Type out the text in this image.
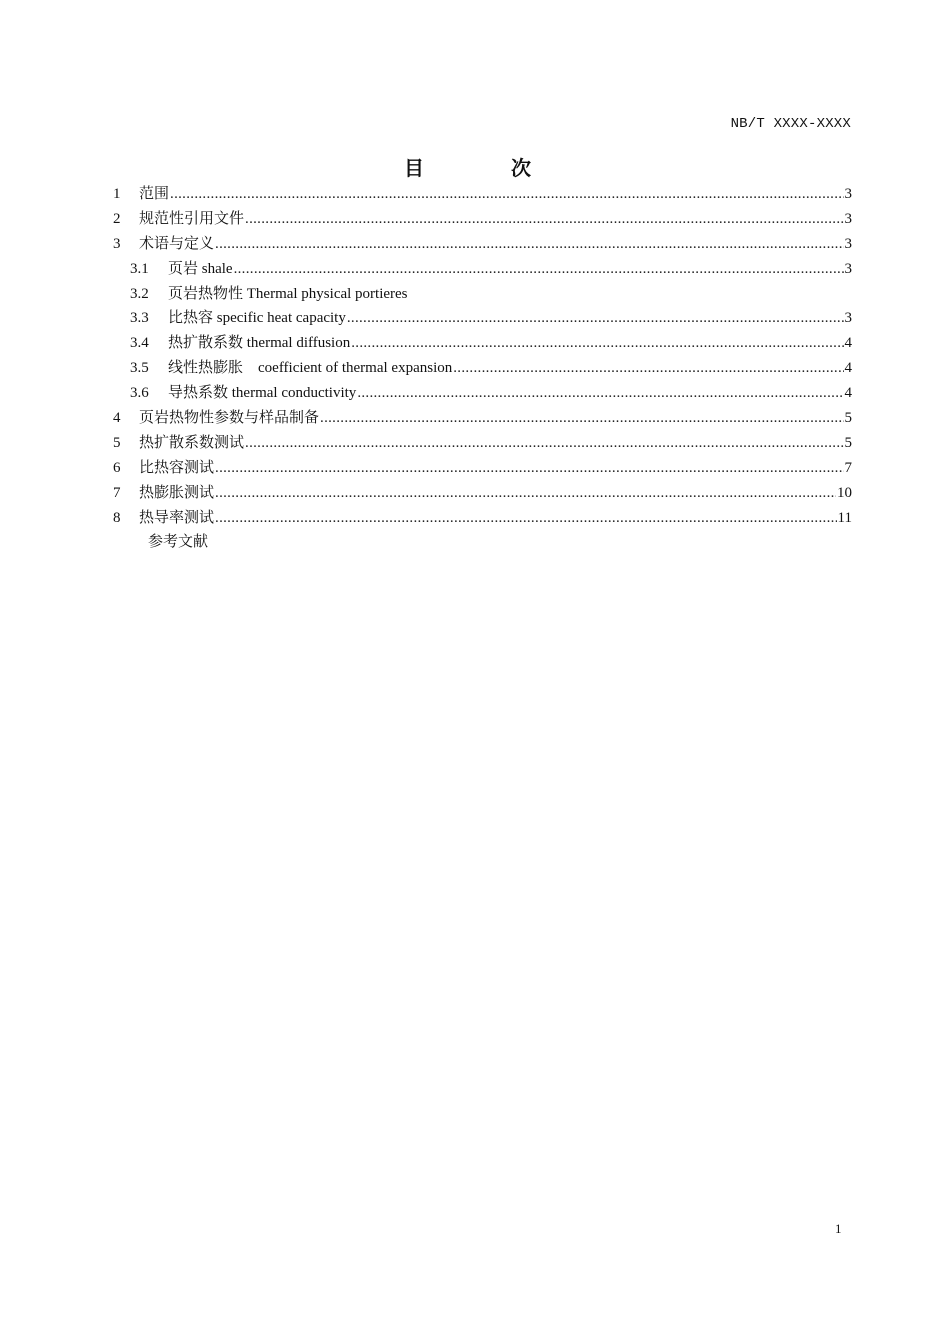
NB/T XXXX-XXXX
目 次
1	范围 .....	3
2	规范性引用文件 .....	3
3	术语与定义 .....	3
3.1	页岩 shale .....	3
3.2 页岩热物性 Thermal physical portieres
3.3	比热容 specific heat capacity .....	3
3.4	热扩散系数 thermal diffusion .....	4
3.5	线性热膨胀    coefficient of thermal expansion .....	4
3.6	导热系数 thermal conductivity .....	4
4	页岩热物性参数与样品制备 .....	5
5	热扩散系数测试 .....	5
6	比热容测试 .....	7
7	热膨胀测试 .....	10
8	热导率测试 .....	11
参考文献
1
